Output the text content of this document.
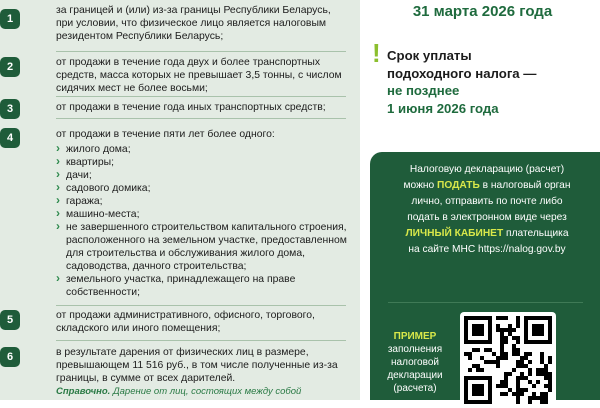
1
за границей и (или) из-за границы Республики Беларусь, при условии, что физическое лицо является налоговым резидентом Республики Беларусь;
2	от продажи в течение года двух и более транспортных средств, масса которых не превышает 3,5 тонны, с числом сидячих мест не более восьми;
3	от продажи в течение года иных транспортных средств;
4	от продажи в течение пяти лет более одного:
› жилого дома;
› квартиры;
› дачи;
› садового домика;
› гаража;
› машино-места;
› не завершенного строительством капитального строения, расположенного на земельном участке, предоставленном для строительства и обслуживания жилого дома, садоводства, дачного строительства;
› земельного участка, принадлежащего на праве собственности;
5	от продажи административного, офисного, торгового, складского или иного помещения;
6	в результате дарения от физических лиц в размере, превышающем 11 516 руб., в том числе полученные из-за границы, в сумме от всех дарителей.
Справочно. Дарение от лиц, состоящих между собой
31 марта 2026 года
! Срок уплаты
подоходного налога —
не позднее
1 июня 2026 года
Налоговую декларацию (расчет)
можно ПОДАТЬ в налоговый орган
лично, отправить по почте либо
подать в электронном виде через
ЛИЧНЫЙ КАБИНЕТ плательщика
на сайте МНС https://nalog.gov.by
ПРИМЕР
заполнения
налоговой
декларации
(расчета)
